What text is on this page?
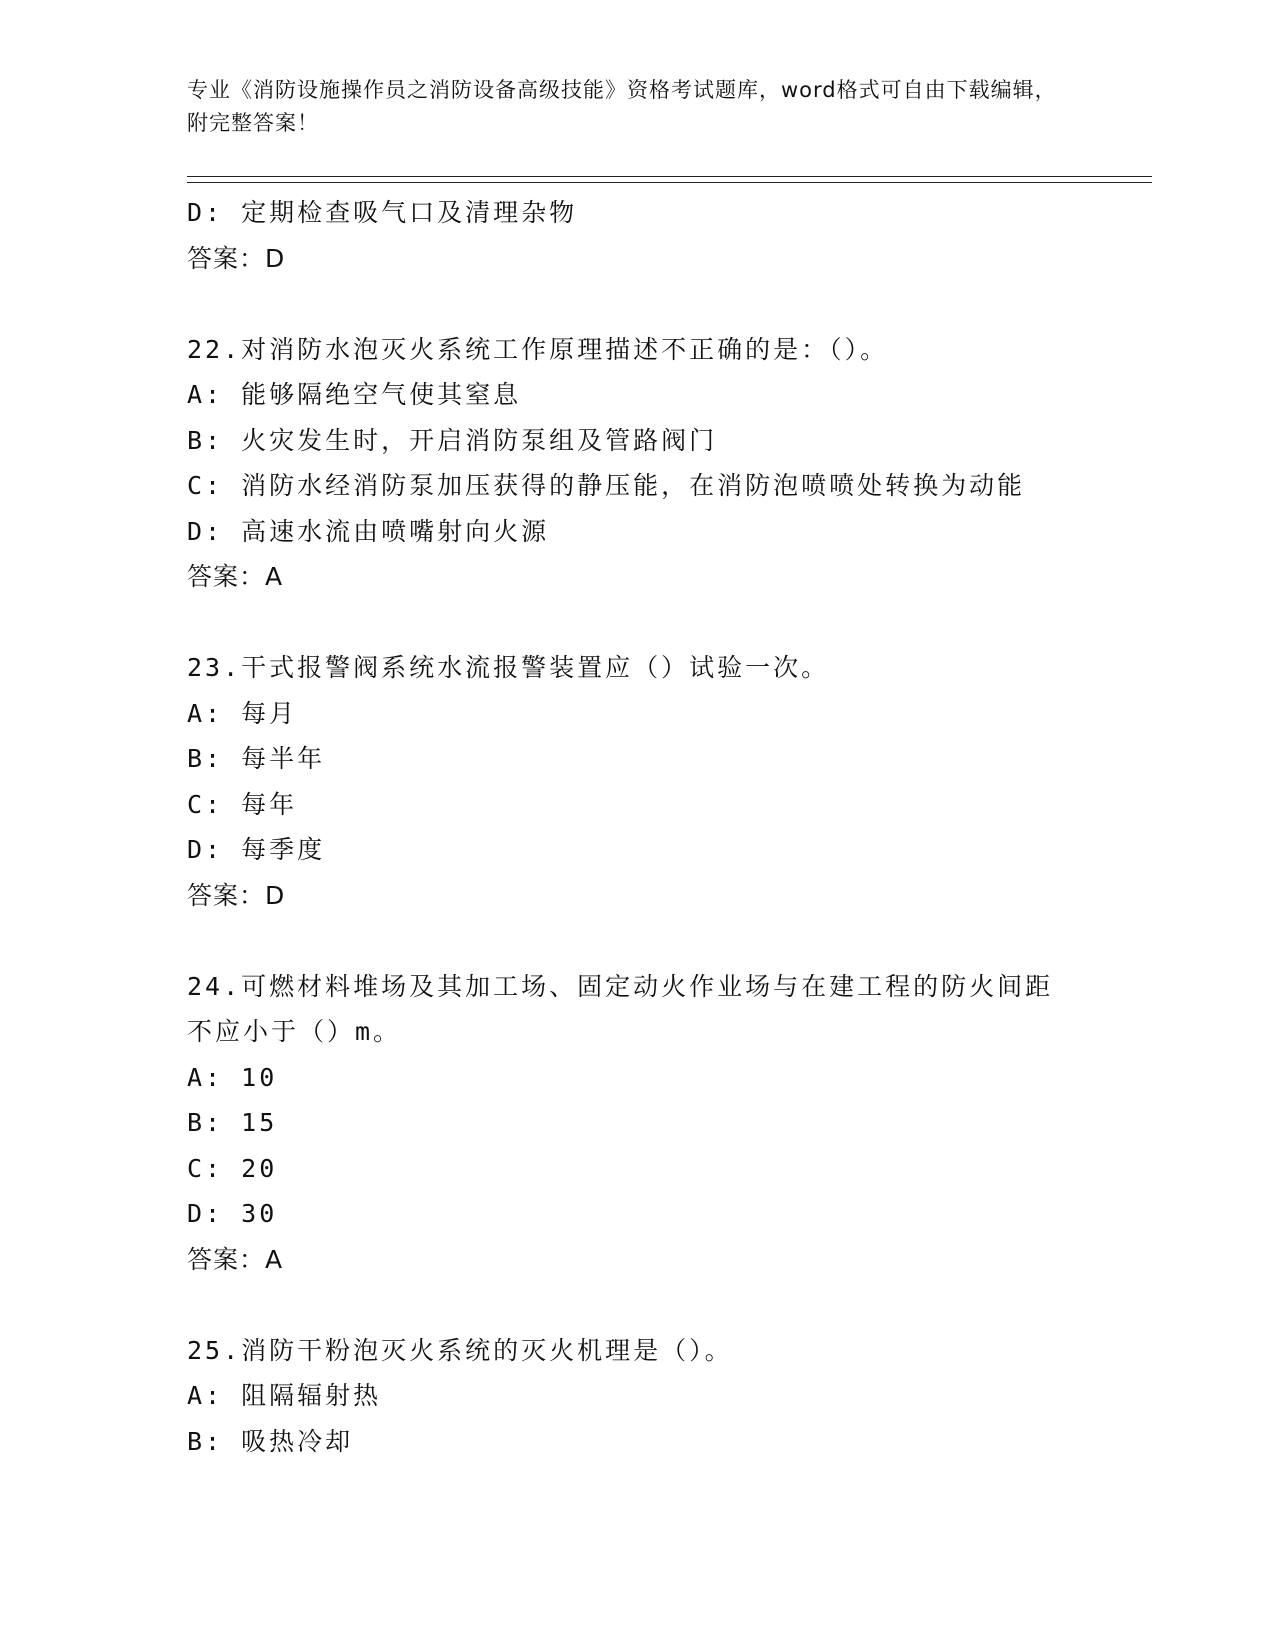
专业《消防设施操作员之消防设备高级技能》资格考试题库，word格式可自由下载编辑，附完整答案！
D: 定期检查吸气口及清理杂物
答案：D
22.对消防水泡灭火系统工作原理描述不正确的是：（）。
A: 能够隔绝空气使其窒息
B: 火灾发生时，开启消防泵组及管路阀门
C: 消防水经消防泵加压获得的静压能，在消防泡喷喷处转换为动能
D: 高速水流由喷嘴射向火源
答案：A
23.干式报警阀系统水流报警装置应（）试验一次。
A: 每月
B: 每半年
C: 每年
D: 每季度
答案：D
24.可燃材料堆场及其加工场、固定动火作业场与在建工程的防火间距
不应小于（）m。
A: 10
B: 15
C: 20
D: 30
答案：A
25.消防干粉泡灭火系统的灭火机理是（）。
A: 阻隔辐射热
B: 吸热冷却
